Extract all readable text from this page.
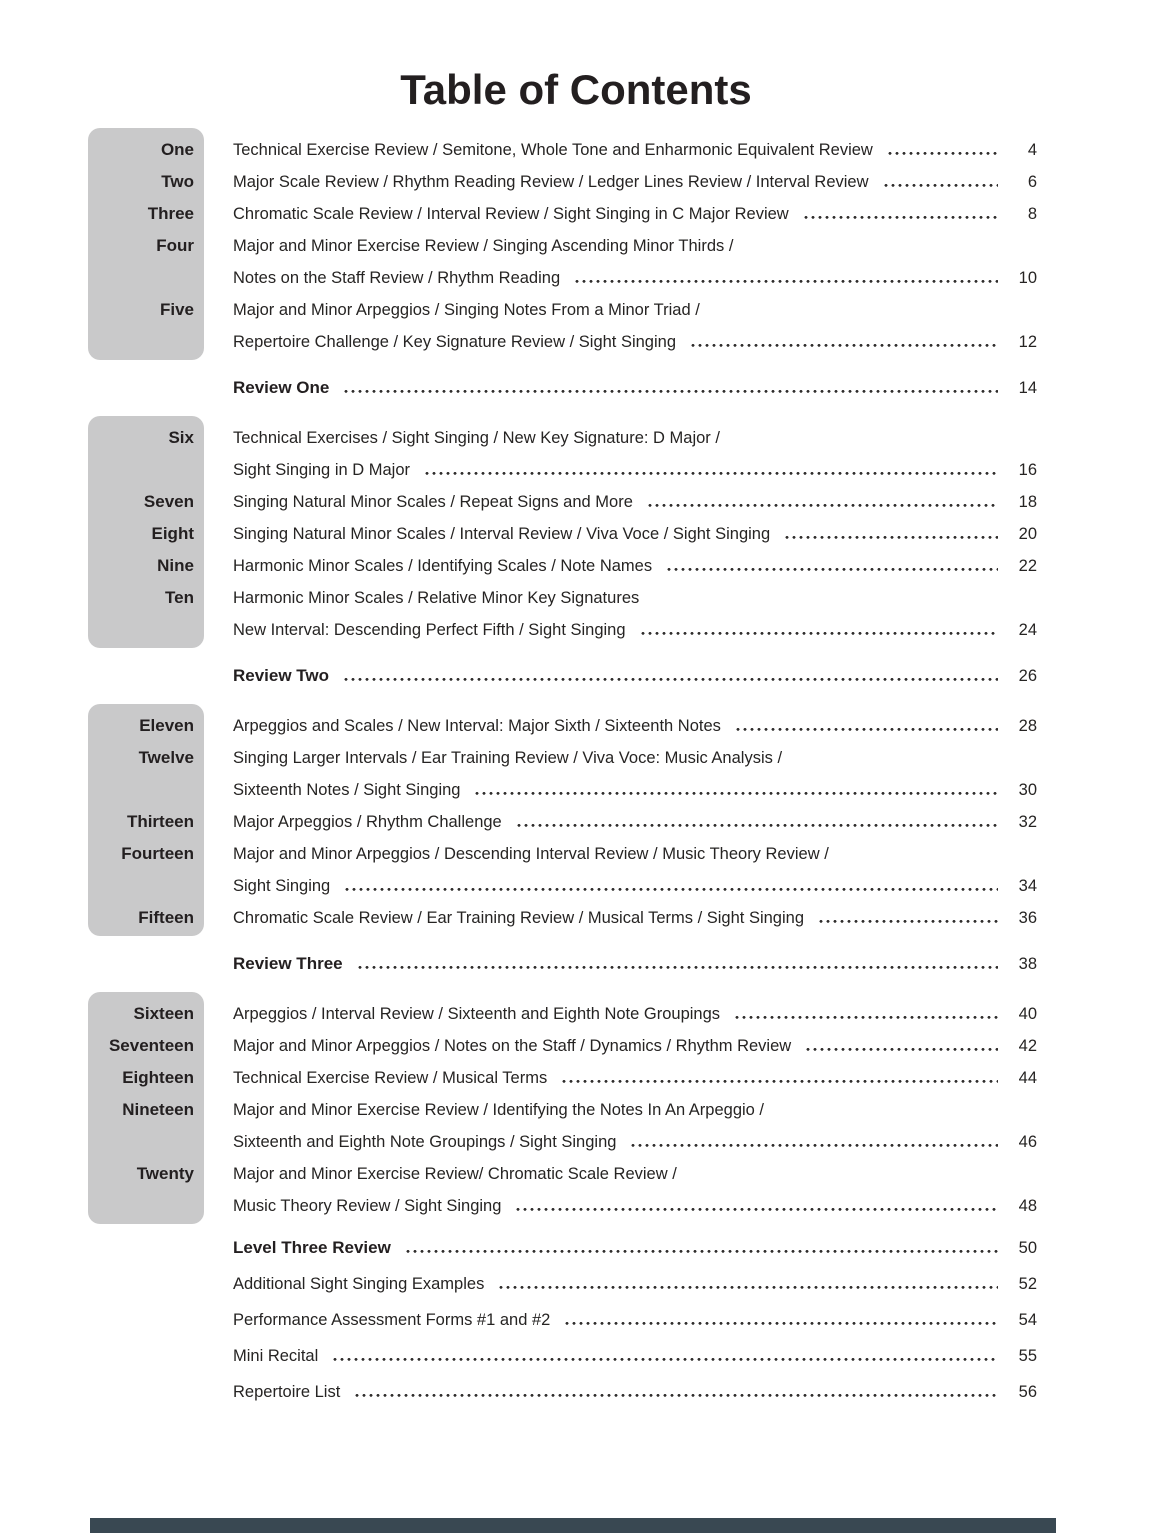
Table of Contents
One	Technical Exercise Review / Semitone, Whole Tone and Enharmonic Equivalent Review	4
Two	Major Scale Review / Rhythm Reading Review / Ledger Lines Review / Interval Review	6
Three	Chromatic Scale Review / Interval Review / Sight Singing in C Major Review	8
Four	Major and Minor Exercise Review / Singing Ascending Minor Thirds /
Notes on the Staff Review / Rhythm Reading	10
Five	Major and Minor Arpeggios / Singing Notes From a Minor Triad /
Repertoire Challenge / Key Signature Review / Sight Singing	12
Review One	14
Six	Technical Exercises / Sight Singing / New Key Signature: D Major /
Sight Singing in D Major	16
Seven	Singing Natural Minor Scales / Repeat Signs and More	18
Eight	Singing Natural Minor Scales / Interval Review / Viva Voce / Sight Singing	20
Nine	Harmonic Minor Scales / Identifying Scales / Note Names	22
Ten	Harmonic Minor Scales / Relative Minor Key Signatures
New Interval: Descending Perfect Fifth / Sight Singing	24
Review Two	26
Eleven	Arpeggios and Scales / New Interval: Major Sixth / Sixteenth Notes	28
Twelve	Singing Larger Intervals / Ear Training Review / Viva Voce: Music Analysis /
Sixteenth Notes / Sight Singing	30
Thirteen	Major Arpeggios / Rhythm Challenge	32
Fourteen	Major and Minor Arpeggios / Descending Interval Review / Music Theory Review /
Sight Singing	34
Fifteen	Chromatic Scale Review / Ear Training Review / Musical Terms / Sight Singing	36
Review Three	38
Sixteen	Arpeggios / Interval Review / Sixteenth and Eighth Note Groupings	40
Seventeen	Major and Minor Arpeggios / Notes on the Staff / Dynamics / Rhythm Review	42
Eighteen	Technical Exercise Review / Musical Terms	44
Nineteen	Major and Minor Exercise Review / Identifying the Notes In An Arpeggio /
Sixteenth and Eighth Note Groupings / Sight Singing	46
Twenty	Major and Minor Exercise Review/ Chromatic Scale Review /
Music Theory Review / Sight Singing	48
Level Three Review	50
Additional Sight Singing Examples	52
Performance Assessment Forms #1 and #2	54
Mini Recital	55
Repertoire List	56
